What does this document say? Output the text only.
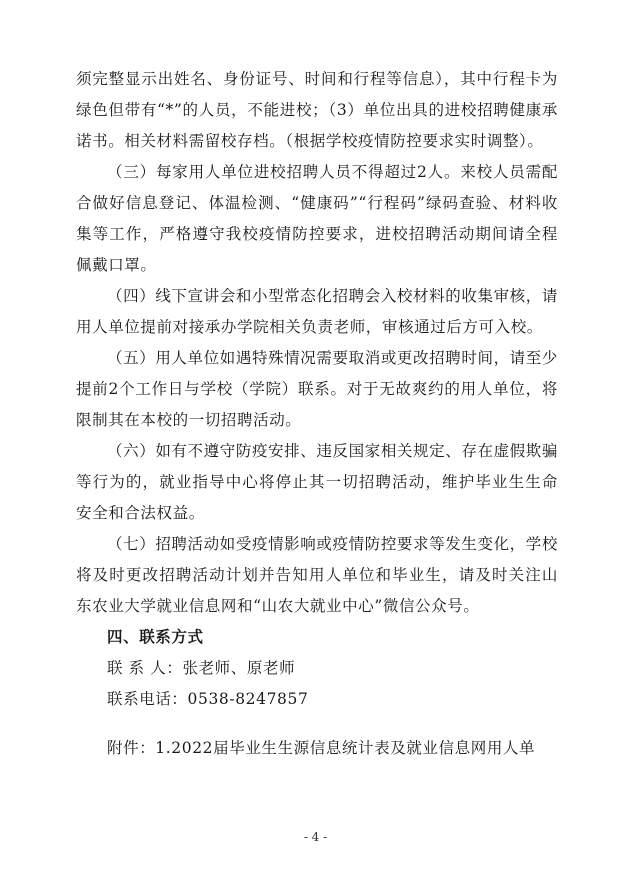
须完整显示出姓名、身份证号、时间和行程等信息），其中行程卡为绿色但带有“*”的人员，不能进校；（3）单位出具的进校招聘健康承诺书。相关材料需留校存档。（根据学校疫情防控要求实时调整）。

（三）每家用人单位进校招聘人员不得超过2人。来校人员需配合做好信息登记、体温检测、“健康码”“行程码”绿码查验、材料收集等工作，严格遵守我校疫情防控要求，进校招聘活动期间请全程佩戴口罩。

（四）线下宣讲会和小型常态化招聘会入校材料的收集审核，请用人单位提前对接承办学院相关负责老师，审核通过后方可入校。

（五）用人单位如遇特殊情况需要取消或更改招聘时间，请至少提前2个工作日与学校（学院）联系。对于无故爽约的用人单位，将限制其在本校的一切招聘活动。

（六）如有不遵守防疫安排、违反国家相关规定、存在虚假欺骗等行为的，就业指导中心将停止其一切招聘活动，维护毕业生生命安全和合法权益。

（七）招聘活动如受疫情影响或疫情防控要求等发生变化，学校将及时更改招聘活动计划并告知用人单位和毕业生，请及时关注山东农业大学就业信息网和“山农大就业中心”微信公众号。

四、联系方式

联 系 人：张老师、原老师

联系电话：0538-8247857

附件：1.2022届毕业生生源信息统计表及就业信息网用人单

- 4 -
